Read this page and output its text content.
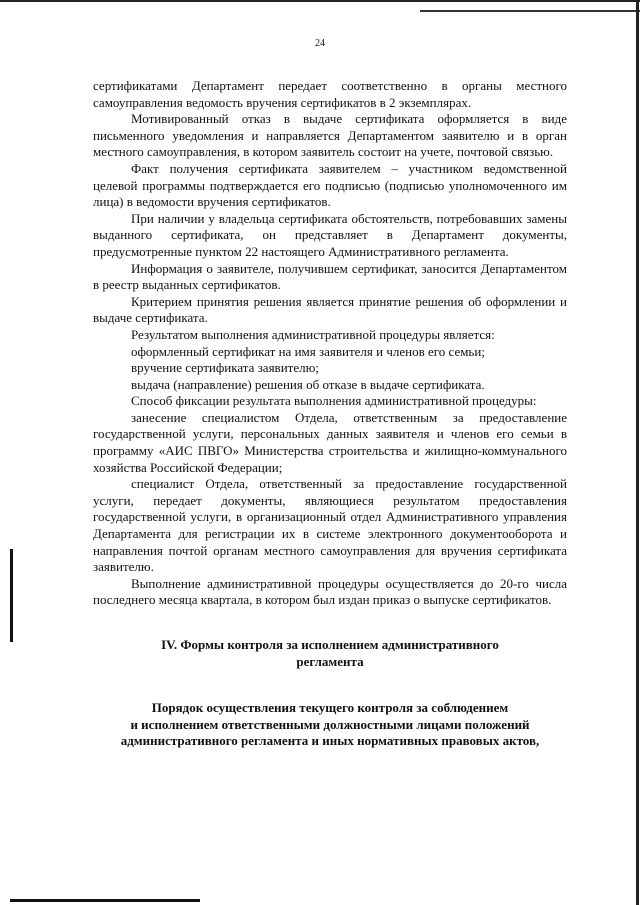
24

сертификатами Департамент передает соответственно в органы местного самоуправления ведомость вручения сертификатов в 2 экземплярах.

Мотивированный отказ в выдаче сертификата оформляется в виде письменного уведомления и направляется Департаментом заявителю и в орган местного самоуправления, в котором заявитель состоит на учете, почтовой связью.

Факт получения сертификата заявителем – участником ведомственной целевой программы подтверждается его подписью (подписью уполномоченного им лица) в ведомости вручения сертификатов.

При наличии у владельца сертификата обстоятельств, потребовавших замены выданного сертификата, он представляет в Департамент документы, предусмотренные пунктом 22 настоящего Административного регламента.

Информация о заявителе, получившем сертификат, заносится Департаментом в реестр выданных сертификатов.

Критерием принятия решения является принятие решения об оформлении и выдаче сертификата.

Результатом выполнения административной процедуры является:

оформленный сертификат на имя заявителя и членов его семьи;

вручение сертификата заявителю;

выдача (направление) решения об отказе в выдаче сертификата.

Способ фиксации результата выполнения административной процедуры:

занесение специалистом Отдела, ответственным за предоставление государственной услуги, персональных данных заявителя и членов его семьи в программу «АИС ПВГО» Министерства строительства и жилищно-коммунального хозяйства Российской Федерации;

специалист Отдела, ответственный за предоставление государственной услуги, передает документы, являющиеся результатом предоставления государственной услуги, в организационный отдел Административного управления Департамента для регистрации их в системе электронного документооборота и направления почтой органам местного самоуправления для вручения сертификата заявителю.

Выполнение административной процедуры осуществляется до 20-го числа последнего месяца квартала, в котором был издан приказ о выпуске сертификатов.

IV. Формы контроля за исполнением административного

регламента

Порядок осуществления текущего контроля за соблюдением

и исполнением ответственными должностными лицами положений

административного регламента и иных нормативных правовых актов,
